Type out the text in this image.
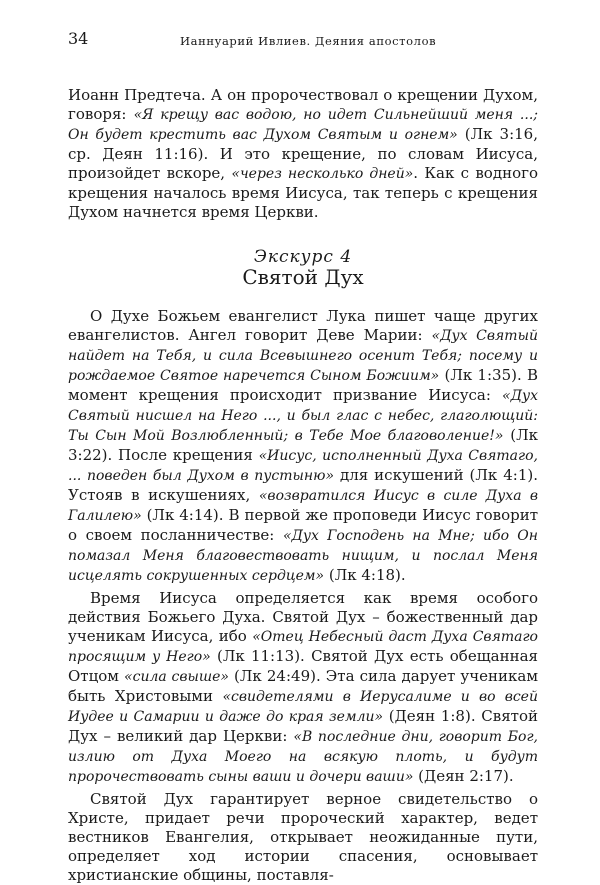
34	Ианнуарий Ивлиев. Деяния апостолов

Иоанн Предтеча. А он пророчествовал о крещении Духом, говоря: «Я крещу вас водою, но идет Сильнейший меня ...; Он будет крестить вас Духом Святым и огнем» (Лк 3:16, ср. Деян 11:16). И это крещение, по словам Иисуса, произойдет вскоре, «через несколько дней». Как с водного крещения началось время Иисуса, так теперь с крещения Духом начнется время Церкви.

Экскурс 4
Святой Дух

О Духе Божьем евангелист Лука пишет чаще других евангелистов. Ангел говорит Деве Марии: «Дух Святый найдет на Тебя, и сила Всевышнего осенит Тебя; посему и рождаемое Святое наречется Сыном Божиим» (Лк 1:35). В момент крещения происходит призвание Иисуса: «Дух Святый нисшел на Него ..., и был глас с небес, глаголющий: Ты Сын Мой Возлюбленный; в Тебе Мое благоволение!» (Лк 3:22). После крещения «Иисус, исполненный Духа Святаго, ... поведен был Духом в пустыню» для искушений (Лк 4:1). Устояв в искушениях, «возвратился Иисус в силе Духа в Галилею» (Лк 4:14). В первой же проповеди Иисус говорит о своем посланничестве: «Дух Господень на Мне; ибо Он помазал Меня благовествовать нищим, и послал Меня исцелять сокрушенных сердцем» (Лк 4:18).

Время Иисуса определяется как время особого действия Божьего Духа. Святой Дух – божественный дар ученикам Иисуса, ибо «Отец Небесный даст Духа Святаго просящим у Него» (Лк 11:13). Святой Дух есть обещанная Отцом «сила свыше» (Лк 24:49). Эта сила дарует ученикам быть Христовыми «свидетелями в Иерусалиме и во всей Иудее и Самарии и даже до края земли» (Деян 1:8). Святой Дух – великий дар Церкви: «В последние дни, говорит Бог, излию от Духа Моего на всякую плоть, и будут пророчествовать сыны ваши и дочери ваши» (Деян 2:17).

Святой Дух гарантирует верное свидетельство о Христе, придает речи пророческий характер, ведет вестников Евангелия, открывает неожиданные пути, определяет ход истории спасения, основывает христианские общины, поставля-
